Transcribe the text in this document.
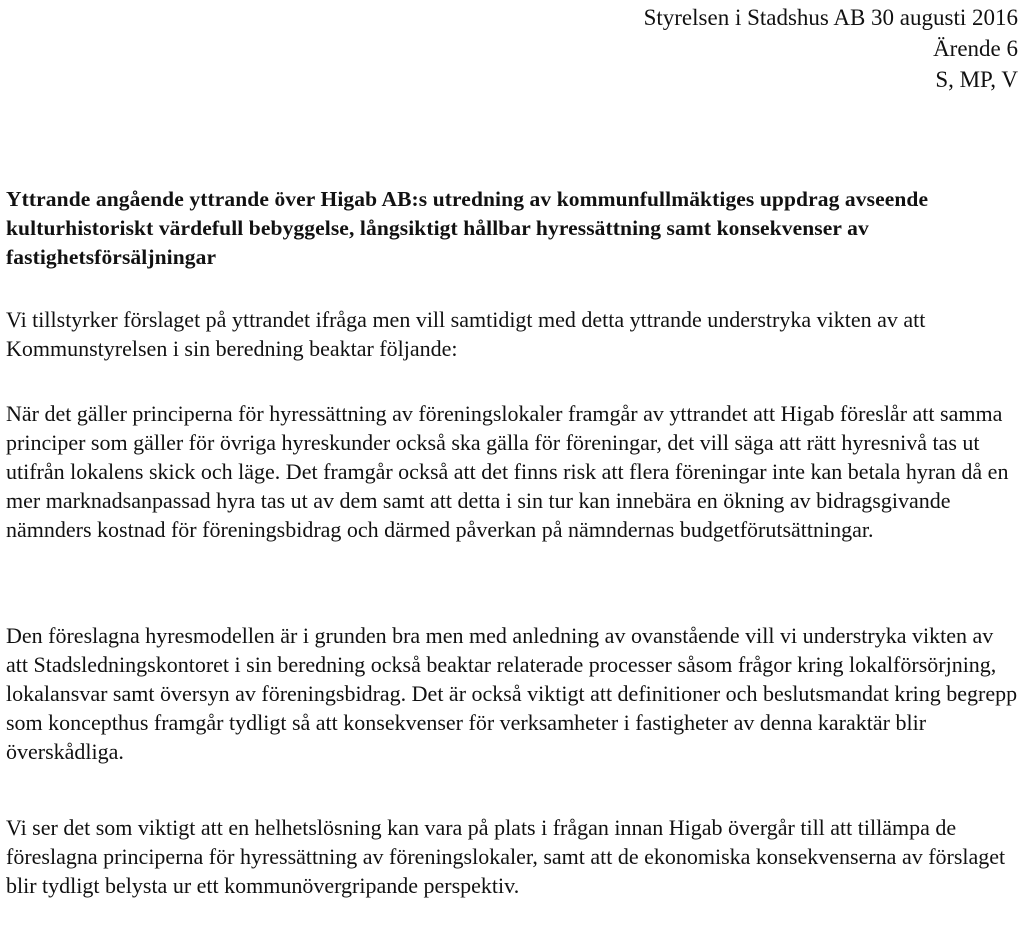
Styrelsen i Stadshus AB 30 augusti 2016
Ärende 6
S, MP, V
Yttrande angående yttrande över Higab AB:s utredning av kommunfullmäktiges uppdrag avseende kulturhistoriskt värdefull bebyggelse, långsiktigt hållbar hyressättning samt konsekvenser av fastighetsförsäljningar

Vi tillstyrker förslaget på yttrandet ifråga men vill samtidigt med detta yttrande understryka vikten av att Kommunstyrelsen i sin beredning beaktar följande:

När det gäller principerna för hyressättning av föreningslokaler framgår av yttrandet att Higab föreslår att samma principer som gäller för övriga hyreskunder också ska gälla för föreningar, det vill säga att rätt hyresnivå tas ut utifrån lokalens skick och läge. Det framgår också att det finns risk att flera föreningar inte kan betala hyran då en mer marknadsanpassad hyra tas ut av dem samt att detta i sin tur kan innebära en ökning av bidragsgivande nämnders kostnad för föreningsbidrag och därmed påverkan på nämndernas budgetförutsättningar.

Den föreslagna hyresmodellen är i grunden bra men med anledning av ovanstående vill vi understryka vikten av att Stadsledningskontoret i sin beredning också beaktar relaterade processer såsom frågor kring lokalförsörjning, lokalansvar samt översyn av föreningsbidrag. Det är också viktigt att definitioner och beslutsmandat kring begrepp som koncepthus framgår tydligt så att konsekvenser för verksamheter i fastigheter av denna karaktär blir överskådliga.

Vi ser det som viktigt att en helhetslösning kan vara på plats i frågan innan Higab övergår till att tillämpa de föreslagna principerna för hyressättning av föreningslokaler, samt att de ekonomiska konsekvenserna av förslaget blir tydligt belysta ur ett kommunövergripande perspektiv.
